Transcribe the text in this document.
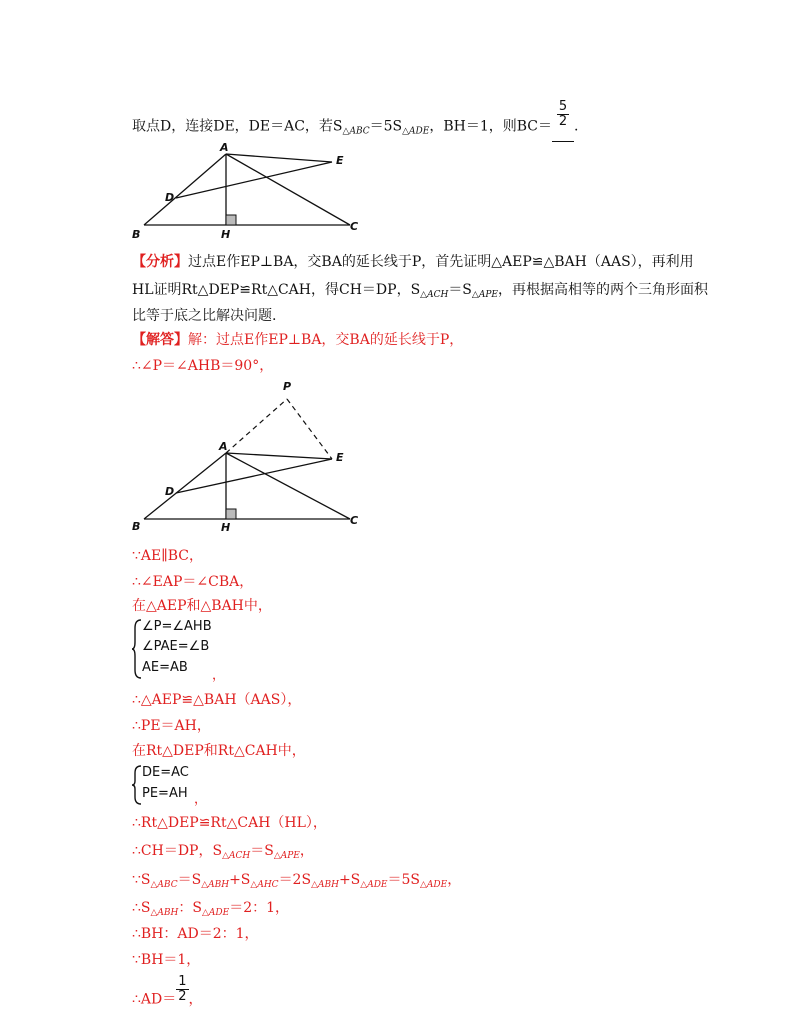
取点D，连接DE，DE＝AC，若$S_{\triangle ABC}=5S_{\triangle ADE}$，BH＝1，则$BC= \frac{5}{2}$ .
A
B
C
D
E
H
【分析】过点E作EP⊥BA，交BA的延长线于P，首先证明△AEP≌△BAH（AAS），再利用
HL证明Rt△DEP≌Rt△CAH，得CH＝DP，$S_{\triangle ACH}=S_{\triangle APE}$，再根据高相等的两个三角形面积
比等于底之比解决问题.
【解答】解：过点E作EP⊥BA，交BA的延长线于P，
∴∠P＝∠AHB＝90°，
P
A
B	C
D
E
H
∵AE∥BC，
∴∠EAP＝∠CBA，
在△AEP和△BAH中，
∠P=∠AHB
∠PAE=∠B
AE=AB
，
∴△AEP≌△BAH（AAS），
∴PE＝AH，
在Rt△DEP和Rt△CAH中，
DE=AC
PE=AH ，
∴Rt△DEP≌Rt△CAH（HL），
∴CH＝DP，$S_{\triangle ACH}=S_{\triangle APE}$，
$\because S_{\triangle ABC}=S_{\triangle ABH}+S_{\triangle AHC}=2S_{\triangle ABH}+S_{\triangle ADE}=5S_{\triangle ADE}$，
$\therefore S_{\triangle ABH}$：$S_{\triangle ADE}=2$：1，
∴BH：AD＝2：1，
∵BH＝1，
∴AD＝ $\frac{1}{2}$ ，
